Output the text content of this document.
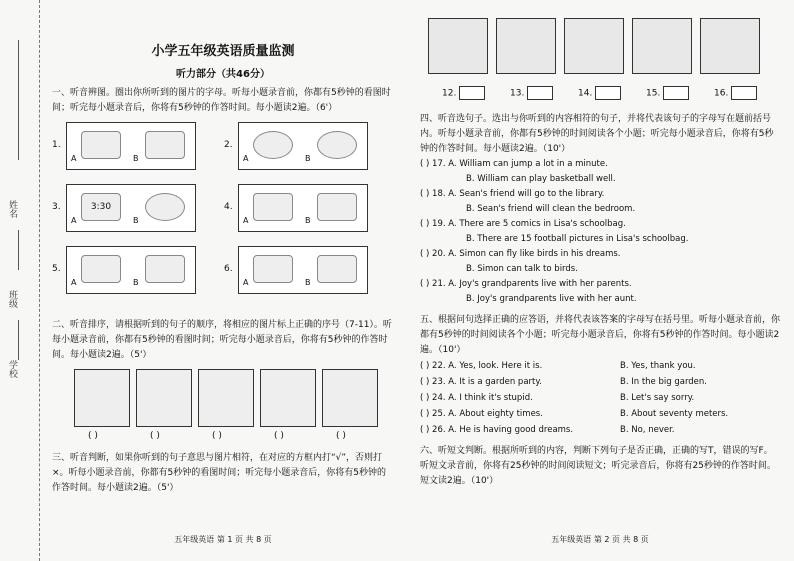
姓名
班级
学校
小学五年级英语质量监测
听力部分（共46分）
一、听音辨图。圈出你所听到的图片的字母。听每小题录音前，你都有5秒钟的看图时间；听完每小题录音后，你将有5秒钟的作答时间。每小题读2遍。（6'）
1.
A	B
2.
A	B
3.	3:30
A	B
4.
A	B
5.
A	B
6.
A	B
二、听音排序，请根据听到的句子的顺序，将相应的图片标上正确的序号（7-11）。听每小题录音前，你都有5秒钟的看图时间；听完每小题录音后，你将有5秒钟的作答时间。每小题读2遍。（5'）
( )	( )	( )	( )	( )
三、听音判断，如果你听到的句子意思与图片相符，在对应的方框内打“√”，否则打×。听每小题录音前，你都有5秒钟的看图时间；听完每小题录音后，你将有5秒钟的作答时间。每小题读2遍。（5'）
五年级英语 第 1 页 共 8 页
12.	13.	14.	15.	16.
四、听音选句子。选出与你听到的内容相符的句子，并将代表该句子的字母写在题前括号内。听每小题录音前，你都有5秒钟的时间阅读各个小题；听完每小题录音后，你将有5秒钟的作答时间。每小题读2遍。（10'）
( ) 17. A. William can jump a lot in a minute.
B. William can play basketball well.
( ) 18. A. Sean's friend will go to the library.
B. Sean's friend will clean the bedroom.
( ) 19. A. There are 5 comics in Lisa's schoolbag.
B. There are 15 football pictures in Lisa's schoolbag.
( ) 20. A. Simon can fly like birds in his dreams.
B. Simon can talk to birds.
( ) 21. A. Joy's grandparents live with her parents.
B. Joy's grandparents live with her aunt.
五、根据问句选择正确的应答语，并将代表该答案的字母写在括号里。听每小题录音前，你都有5秒钟的时间阅读各个小题；听完每小题录音后，你将有5秒钟的作答时间。每小题读2遍。（10'）
( ) 22. A. Yes, look. Here it is.	B. Yes, thank you.
( ) 23. A. It is a garden party.	B. In the big garden.
( ) 24. A. I think it's stupid.	B. Let's say sorry.
( ) 25. A. About eighty times.	B. About seventy meters.
( ) 26. A. He is having good dreams.	B. No, never.
六、听短文判断。根据所听到的内容，判断下列句子是否正确，正确的写T，错误的写F。听短文录音前，你将有25秒钟的时间阅读短文；听完录音后，你将有25秒钟的作答时间。短文读2遍。（10'）
五年级英语 第 2 页 共 8 页
